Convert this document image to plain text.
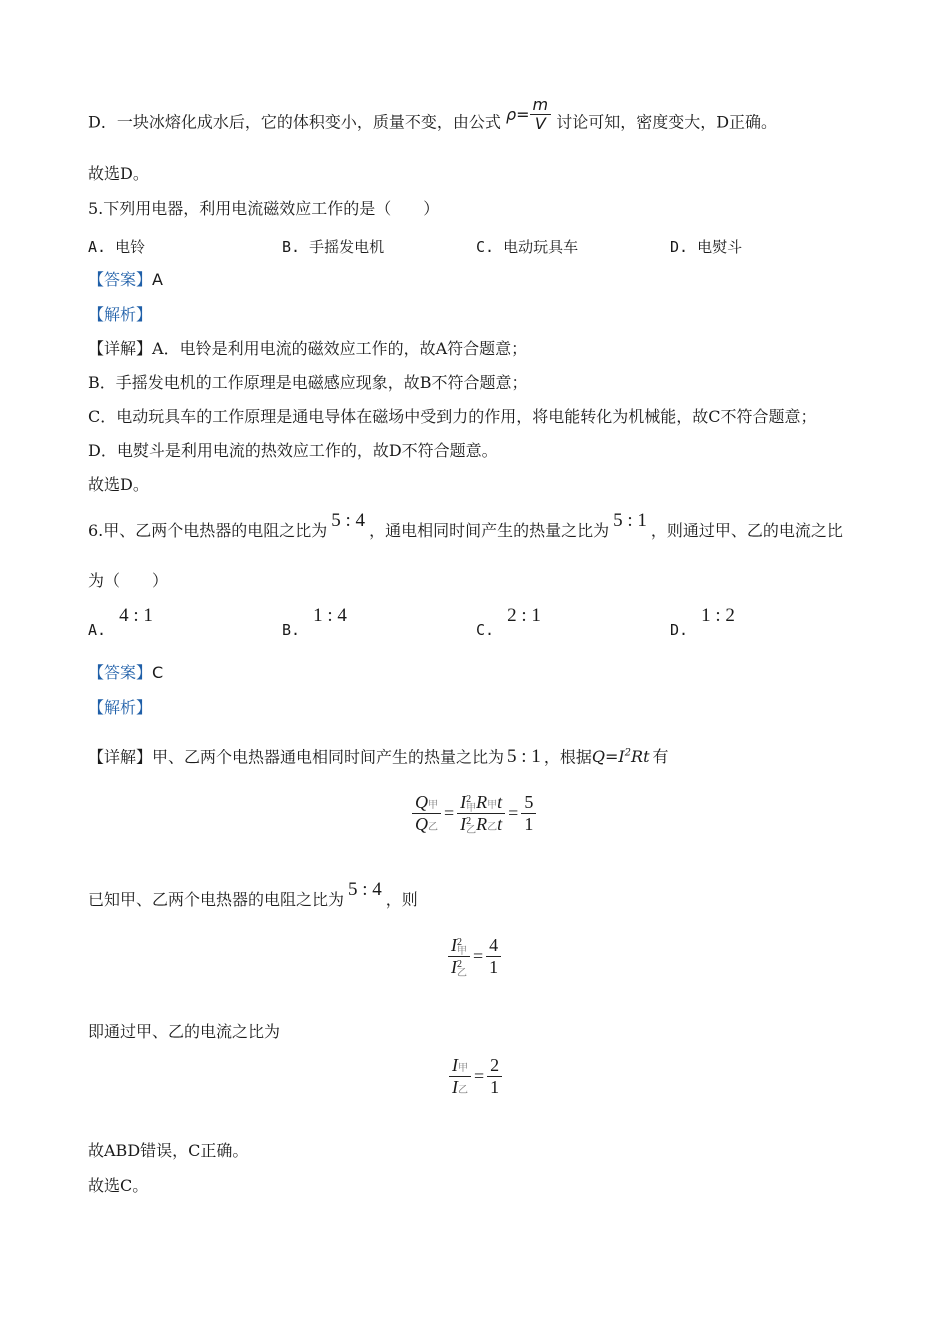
D．一块冰熔化成水后，它的体积变小，质量不变，由公式 $\rho= \frac{m}{V}$ 讨论可知，密度变大，D正确。
故选D。
5.下列用电器，利用电流磁效应工作的是（　　）
A. 电铃	B. 手摇发电机	C. 电动玩具车	D. 电熨斗
【答案】A
【解析】
【详解】A．电铃是利用电流的磁效应工作的，故A符合题意；
B．手摇发电机的工作原理是电磁感应现象，故B不符合题意；
C．电动玩具车的工作原理是通电导体在磁场中受到力的作用，将电能转化为机械能，故C不符合题意；
D．电熨斗是利用电流的热效应工作的，故D不符合题意。
故选D。
6.甲、乙两个电热器的电阻之比为 5 : 4 ，通电相同时间产生的热量之比为 5 : 1 ，则通过甲、乙的电流之比
为（　　）
A. 4 : 1
B. 1 : 4
C. 2 : 1
D. 1 : 2
【答案】C
【解析】
【详解】甲、乙两个电热器通电相同时间产生的热量之比为 5 : 1 ，根据$Q=I^2Rt$ 有
$\frac{\text{Q甲}}{\text{Q乙}} = I$ 2
甲 R甲t
I 2
乙 R乙$t = \frac{5}{1}$
已知甲、乙两个电热器的电阻之比为 5 : 4 ，则
I 2
甲
I 2
乙 = $\frac{4}{1}$
即通过甲、乙的电流之比为
$\frac{\text{I甲}}{\text{I乙}} = \frac{2}{1}$
故ABD错误，C正确。
故选C。
